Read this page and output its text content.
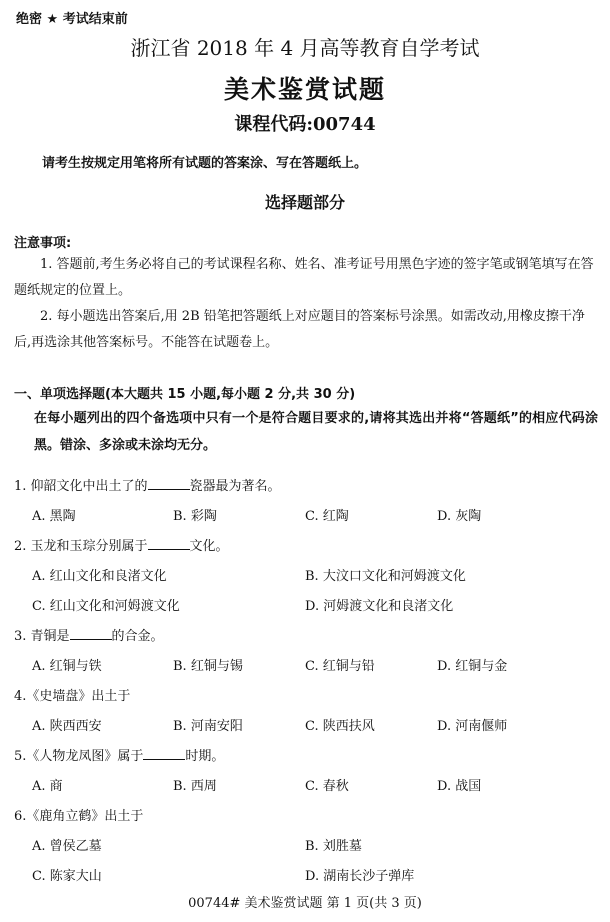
绝密 ★ 考试结束前
浙江省 2018 年 4 月高等教育自学考试
美术鉴赏试题
课程代码:00744
请考生按规定用笔将所有试题的答案涂、写在答题纸上。
选择题部分
注意事项:
1. 答题前,考生务必将自己的考试课程名称、姓名、准考证号用黑色字迹的签字笔或钢笔填写在答题纸规定的位置上。
2. 每小题选出答案后,用 2B 铅笔把答题纸上对应题目的答案标号涂黑。如需改动,用橡皮擦干净后,再选涂其他答案标号。不能答在试题卷上。
一、单项选择题(本大题共 15 小题,每小题 2 分,共 30 分)
在每小题列出的四个备选项中只有一个是符合题目要求的,请将其选出并将“答题纸”的相应代码涂黑。错涂、多涂或未涂均无分。
1. 仰韶文化中出土了的	瓷器最为著名。
A. 黑陶	B. 彩陶	C. 红陶	D. 灰陶
2. 玉龙和玉琮分别属于	文化。
A. 红山文化和良渚文化	B. 大汶口文化和河姆渡文化
C. 红山文化和河姆渡文化	D. 河姆渡文化和良渚文化
3. 青铜是	的合金。
A. 红铜与铁	B. 红铜与锡	C. 红铜与铅	D. 红铜与金
4.《史墙盘》出土于
A. 陕西西安	B. 河南安阳	C. 陕西扶风	D. 河南偃师
5.《人物龙凤图》属于	时期。
A. 商	B. 西周	C. 春秋	D. 战国
6.《鹿角立鹤》出土于
A. 曾侯乙墓	B. 刘胜墓
C. 陈家大山	D. 湖南长沙子弹库
00744# 美术鉴赏试题 第 1 页(共 3 页)
